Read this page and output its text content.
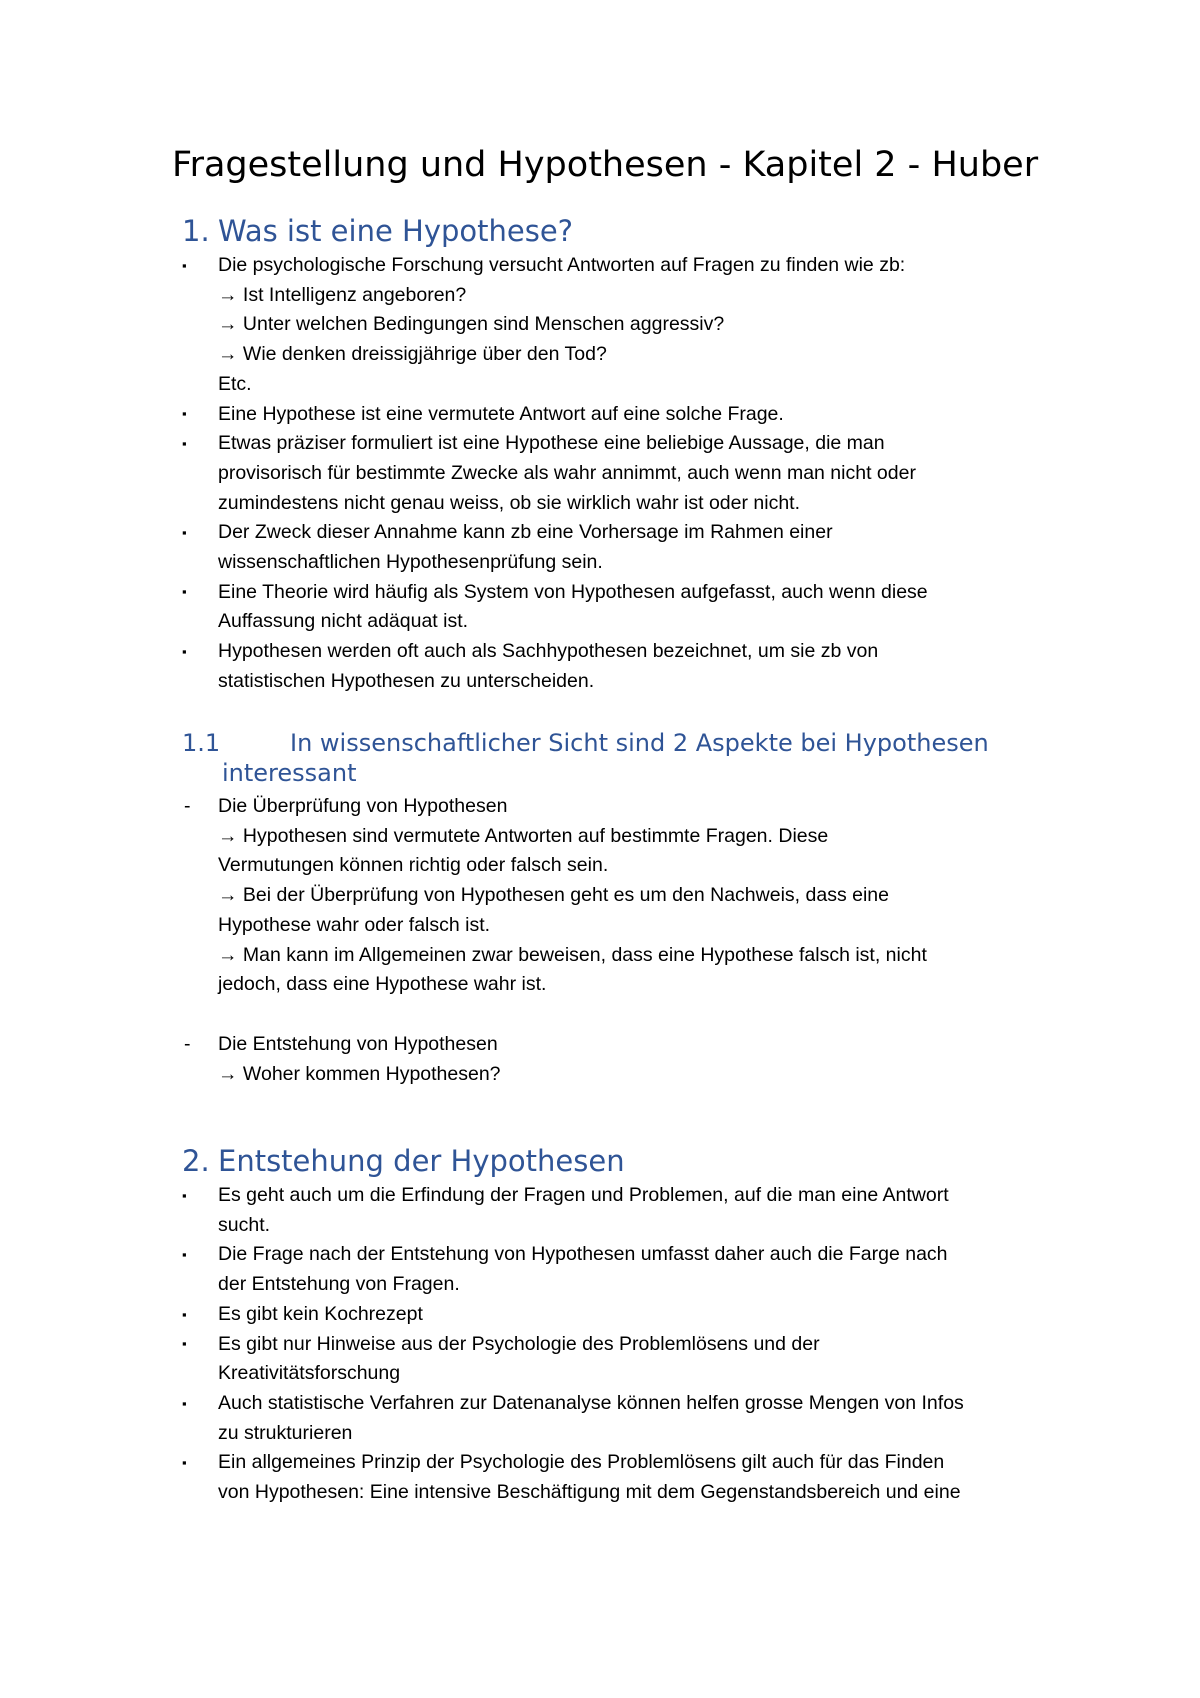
Fragestellung und Hypothesen - Kapitel 2 - Huber
1. Was ist eine Hypothese?
▪
▪
▪
▪
▪
▪

Die psychologische Forschung versucht Antworten auf Fragen zu finden wie zb:

→ Ist Intelligenz angeboren?

→ Unter welchen Bedingungen sind Menschen aggressiv?

→ Wie denken dreissigjährige über den Tod?

Etc.

Eine Hypothese ist eine vermutete Antwort auf eine solche Frage.

Etwas präziser formuliert ist eine Hypothese eine beliebige Aussage, die man

provisorisch für bestimmte Zwecke als wahr annimmt, auch wenn man nicht oder

zumindestens nicht genau weiss, ob sie wirklich wahr ist oder nicht.

Der Zweck dieser Annahme kann zb eine Vorhersage im Rahmen einer

wissenschaftlichen Hypothesenprüfung sein.

Eine Theorie wird häufig als System von Hypothesen aufgefasst, auch wenn diese

Auffassung nicht adäquat ist.

Hypothesen werden oft auch als Sachhypothesen bezeichnet, um sie zb von

statistischen Hypothesen zu unterscheiden.

1.1	In wissenschaftlicher Sicht sind 2 Aspekte bei Hypothesen
interessant
- Die Überprüfung von Hypothesen

→ Hypothesen sind vermutete Antworten auf bestimmte Fragen. Diese

Vermutungen können richtig oder falsch sein.

→ Bei der Überprüfung von Hypothesen geht es um den Nachweis, dass eine

Hypothese wahr oder falsch ist.

→ Man kann im Allgemeinen zwar beweisen, dass eine Hypothese falsch ist, nicht

jedoch, dass eine Hypothese wahr ist.

- Die Entstehung von Hypothesen

→ Woher kommen Hypothesen?

2. Entstehung der Hypothesen
▪
▪
▪
▪
▪
▪

Es geht auch um die Erfindung der Fragen und Problemen, auf die man eine Antwort

sucht.

Die Frage nach der Entstehung von Hypothesen umfasst daher auch die Farge nach

der Entstehung von Fragen.

Es gibt kein Kochrezept

Es gibt nur Hinweise aus der Psychologie des Problemlösens und der

Kreativitätsforschung

Auch statistische Verfahren zur Datenanalyse können helfen grosse Mengen von Infos

zu strukturieren

Ein allgemeines Prinzip der Psychologie des Problemlösens gilt auch für das Finden

von Hypothesen: Eine intensive Beschäftigung mit dem Gegenstandsbereich und eine
